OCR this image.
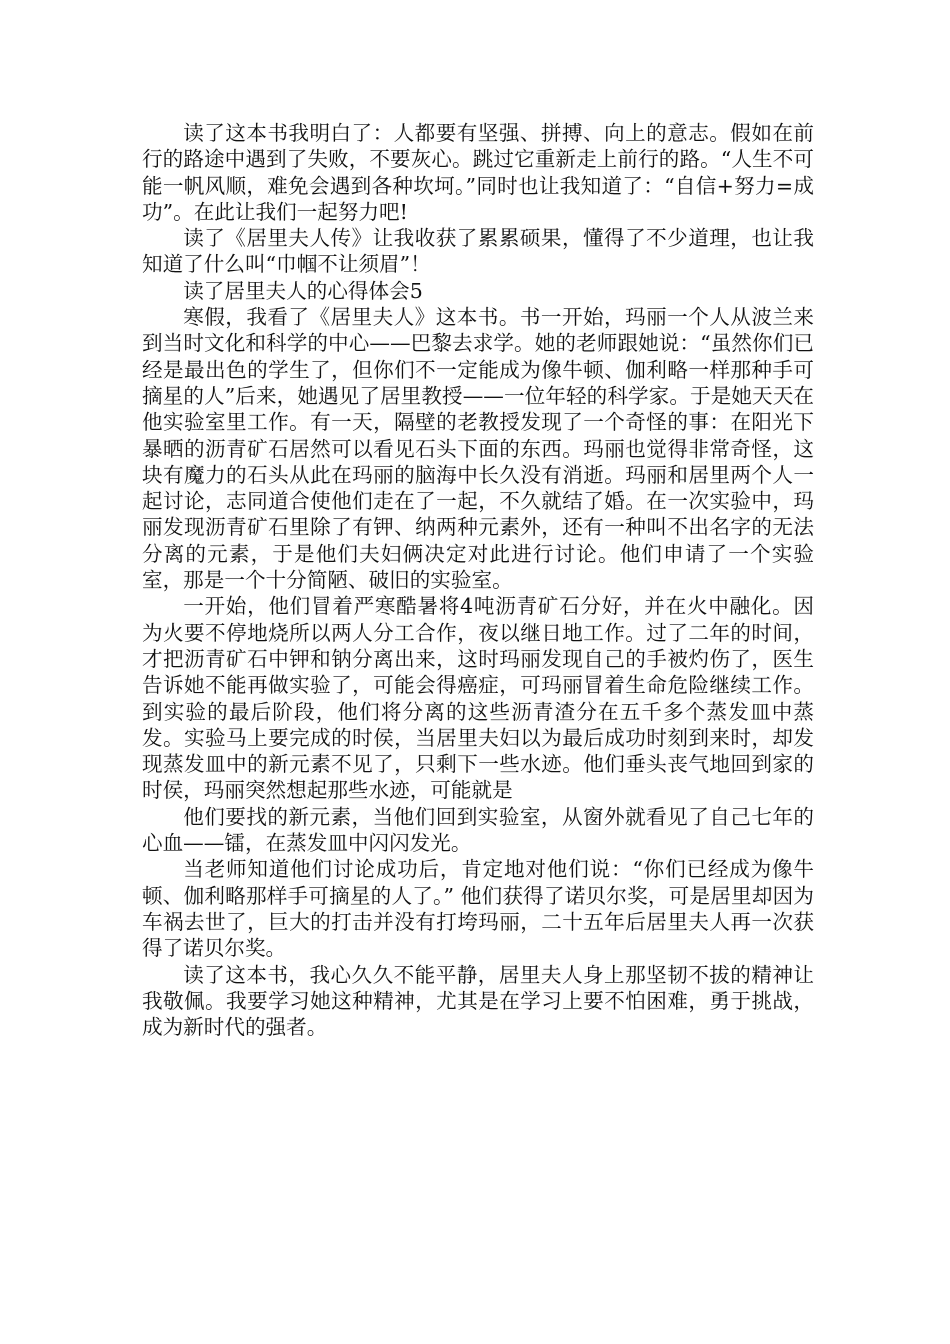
读了这本书我明白了：人都要有坚强、拼搏、向上的意志。假如在前行的路途中遇到了失败，不要灰心。跳过它重新走上前行的路。“人生不可能一帆风顺，难免会遇到各种坎坷。”同时也让我知道了：“自信+努力=成功”。在此让我们一起努力吧!

读了《居里夫人传》让我收获了累累硕果，懂得了不少道理，也让我知道了什么叫“巾帼不让须眉”！

读了居里夫人的心得体会5

寒假，我看了《居里夫人》这本书。书一开始，玛丽一个人从波兰来到当时文化和科学的中心——巴黎去求学。她的老师跟她说：“虽然你们已经是最出色的学生了，但你们不一定能成为像牛顿、伽利略一样那种手可摘星的人”后来，她遇见了居里教授——一位年轻的科学家。于是她天天在他实验室里工作。有一天，隔壁的老教授发现了一个奇怪的事：在阳光下暴晒的沥青矿石居然可以看见石头下面的东西。玛丽也觉得非常奇怪，这块有魔力的石头从此在玛丽的脑海中长久没有消逝。玛丽和居里两个人一起讨论，志同道合使他们走在了一起，不久就结了婚。在一次实验中，玛丽发现沥青矿石里除了有钾、纳两种元素外，还有一种叫不出名字的无法分离的元素，于是他们夫妇俩决定对此进行讨论。他们申请了一个实验室，那是一个十分简陋、破旧的实验室。

一开始，他们冒着严寒酷暑将4吨沥青矿石分好，并在火中融化。因为火要不停地烧所以两人分工合作，夜以继日地工作。过了二年的时间，才把沥青矿石中钾和钠分离出来，这时玛丽发现自己的手被灼伤了，医生告诉她不能再做实验了，可能会得癌症，可玛丽冒着生命危险继续工作。到实验的最后阶段，他们将分离的这些沥青渣分在五千多个蒸发皿中蒸发。实验马上要完成的时侯，当居里夫妇以为最后成功时刻到来时，却发现蒸发皿中的新元素不见了，只剩下一些水迹。他们垂头丧气地回到家的时侯，玛丽突然想起那些水迹，可能就是

他们要找的新元素，当他们回到实验室，从窗外就看见了自己七年的心血——镭，在蒸发皿中闪闪发光。

当老师知道他们讨论成功后，肯定地对他们说：“你们已经成为像牛顿、伽利略那样手可摘星的人了。” 他们获得了诺贝尔奖，可是居里却因为车祸去世了，巨大的打击并没有打垮玛丽，二十五年后居里夫人再一次获得了诺贝尔奖。

读了这本书，我心久久不能平静，居里夫人身上那坚韧不拔的精神让我敬佩。我要学习她这种精神，尤其是在学习上要不怕困难，勇于挑战，成为新时代的强者。
